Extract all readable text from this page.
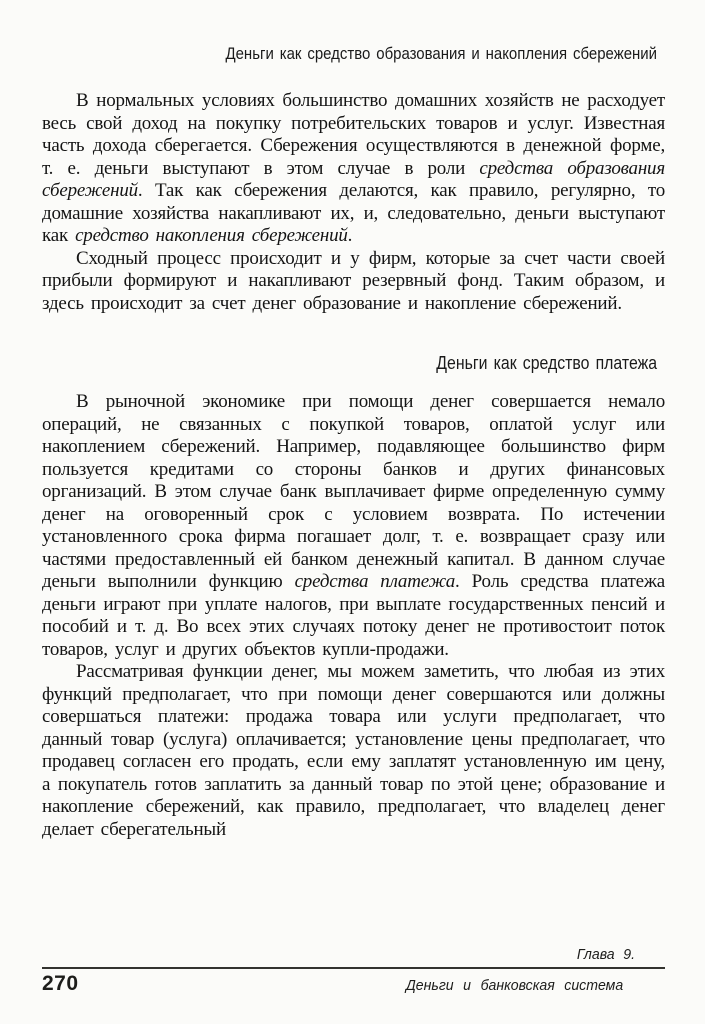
Деньги как средство образования и накопления сбережений

В нормальных условиях большинство домашних хозяйств не расходует весь свой доход на покупку потребительских товаров и услуг. Известная часть дохода сберегается. Сбережения осуществляются в денежной форме, т. е. деньги выступают в этом случае в роли средства образования сбережений. Так как сбережения делаются, как правило, регулярно, то домашние хозяйства накапливают их, и, следовательно, деньги выступают как средство накопления сбережений.

Сходный процесс происходит и у фирм, которые за счет части своей прибыли формируют и накапливают резервный фонд. Таким образом, и здесь происходит за счет денег образование и накопление сбережений.

Деньги как средство платежа

В рыночной экономике при помощи денег совершается немало операций, не связанных с покупкой товаров, оплатой услуг или накоплением сбережений. Например, подавляющее большинство фирм пользуется кредитами со стороны банков и других финансовых организаций. В этом случае банк выплачивает фирме определенную сумму денег на оговоренный срок с условием возврата. По истечении установленного срока фирма погашает долг, т. е. возвращает сразу или частями предоставленный ей банком денежный капитал. В данном случае деньги выполнили функцию средства платежа. Роль средства платежа деньги играют при уплате налогов, при выплате государственных пенсий и пособий и т. д. Во всех этих случаях потоку денег не противостоит поток товаров, услуг и других объектов купли-продажи.

Рассматривая функции денег, мы можем заметить, что любая из этих функций предполагает, что при помощи денег совершаются или должны совершаться платежи: продажа товара или услуги предполагает, что данный товар (услуга) оплачивается; установление цены предполагает, что продавец согласен его продать, если ему заплатят установленную им цену, а покупатель готов заплатить за данный товар по этой цене; образование и накопление сбережений, как правило, предполагает, что владелец денег делает сберегательный

Глава 9.
270	Деньги и банковская система
